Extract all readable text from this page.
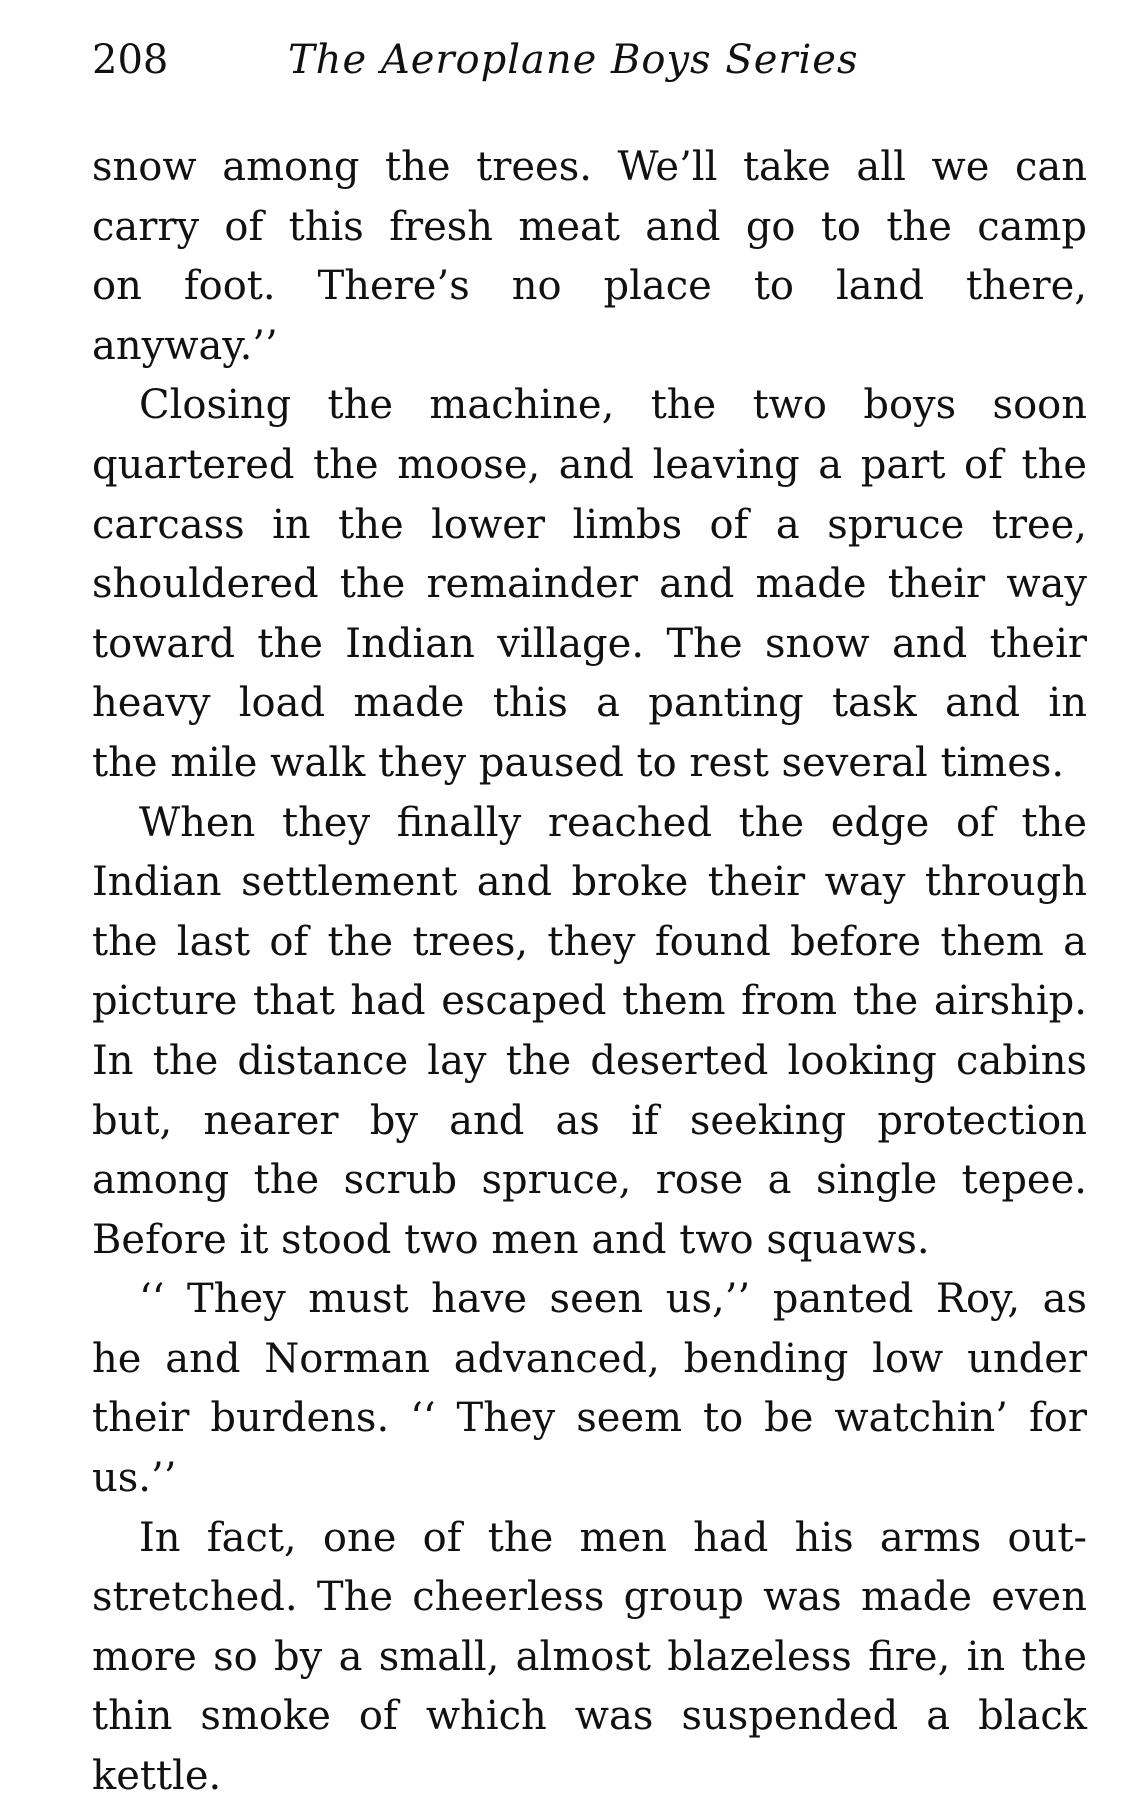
208	The Aeroplane Boys Series
snow among the trees. We’ll take all we can
carry of this fresh meat and go to the camp
on foot. There’s no place to land there,
anyway.’’
Closing the machine, the two boys soon
quartered the moose, and leaving a part of the
carcass in the lower limbs of a spruce tree,
shouldered the remainder and made their way
toward the Indian village. The snow and their
heavy load made this a panting task and in
the mile walk they paused to rest several times.
When they finally reached the edge of the
Indian settlement and broke their way through
the last of the trees, they found before them a
picture that had escaped them from the airship.
In the distance lay the deserted looking cabins
but, nearer by and as if seeking protection
among the scrub spruce, rose a single tepee.
Before it stood two men and two squaws.
‘‘ They must have seen us,’’ panted Roy, as
he and Norman advanced, bending low under
their burdens. ‘‘ They seem to be watchin’ for
us.’’
In fact, one of the men had his arms out-
stretched. The cheerless group was made even
more so by a small, almost blazeless fire, in the
thin smoke of which was suspended a black
kettle.
